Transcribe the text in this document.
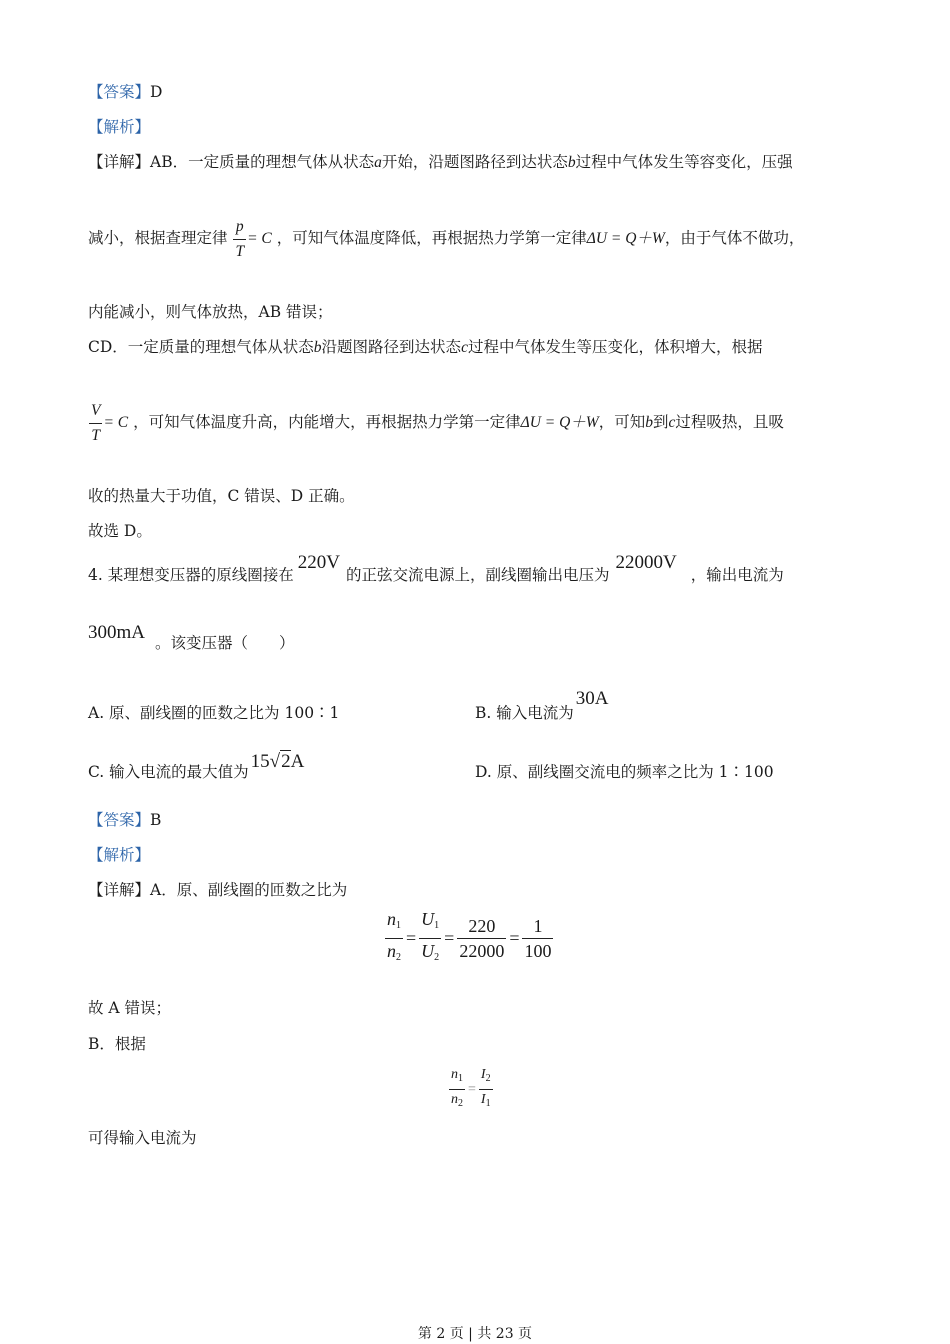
【答案】D
【解析】
【详解】AB．一定质量的理想气体从状态a开始，沿题图路径到达状态b过程中气体发生等容变化，压强
减小，根据查理定律 $\frac{p}{T} = C$ ，可知气体温度降低，再根据热力学第一定律ΔU = Q＋W，由于气体不做功，
内能减小，则气体放热，AB 错误；
CD．一定质量的理想气体从状态b沿题图路径到达状态c过程中气体发生等压变化，体积增大，根据
$\frac{V}{T} = C$ ，可知气体温度升高，内能增大，再根据热力学第一定律ΔU = Q＋W，可知b到c过程吸热，且吸
收的热量大于功值，C 错误、D 正确。
故选 D。
4. 某理想变压器的原线圈接在220V的正弦交流电源上，副线圈输出电压为22000V，输出电流为
300mA 。该变压器（　　）
A. 原、副线圈的匝数之比为 100∶1	B. 输入电流为30A
C. 输入电流的最大值为 15√2A	D. 原、副线圈交流电的频率之比为 1∶100
【答案】B
【解析】
【详解】A．原、副线圈的匝数之比为
$\frac{n_1}{n_2} = \frac{U_1}{U_2} = \frac{220}{22000} = \frac{1}{100}$
故 A 错误；
B．根据
$\frac{n_1}{n_2} = \frac{I_2}{I_1}$
可得输入电流为
第 2 页 | 共 23 页
